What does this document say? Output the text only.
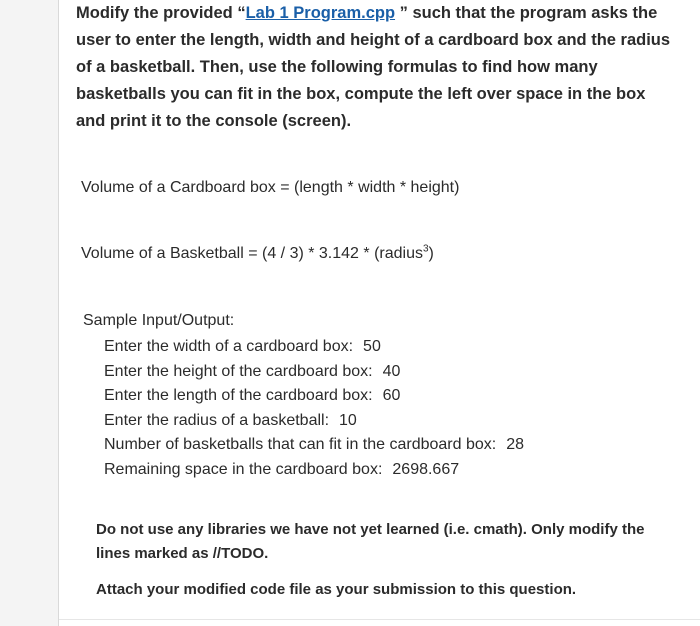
Modify the provided “Lab 1 Program.cpp ” such that the program asks the user to enter the length, width and height of a cardboard box and the radius of a basketball. Then, use the following formulas to find how many basketballs you can fit in the box, compute the left over space in the box and print it to the console (screen).
Volume of a Cardboard box = (length * width * height)
Volume of a Basketball = (4 / 3) * 3.142 * (radius$^3$)
Sample Input/Output:
Enter the width of a cardboard box: 50
Enter the height of the cardboard box: 40
Enter the length of the cardboard box: 60
Enter the radius of a basketball: 10
Number of basketballs that can fit in the cardboard box: 28
Remaining space in the cardboard box: 2698.667

Do not use any libraries we have not yet learned (i.e. cmath). Only modify the lines marked as //TODO.

Attach your modified code file as your submission to this question.
